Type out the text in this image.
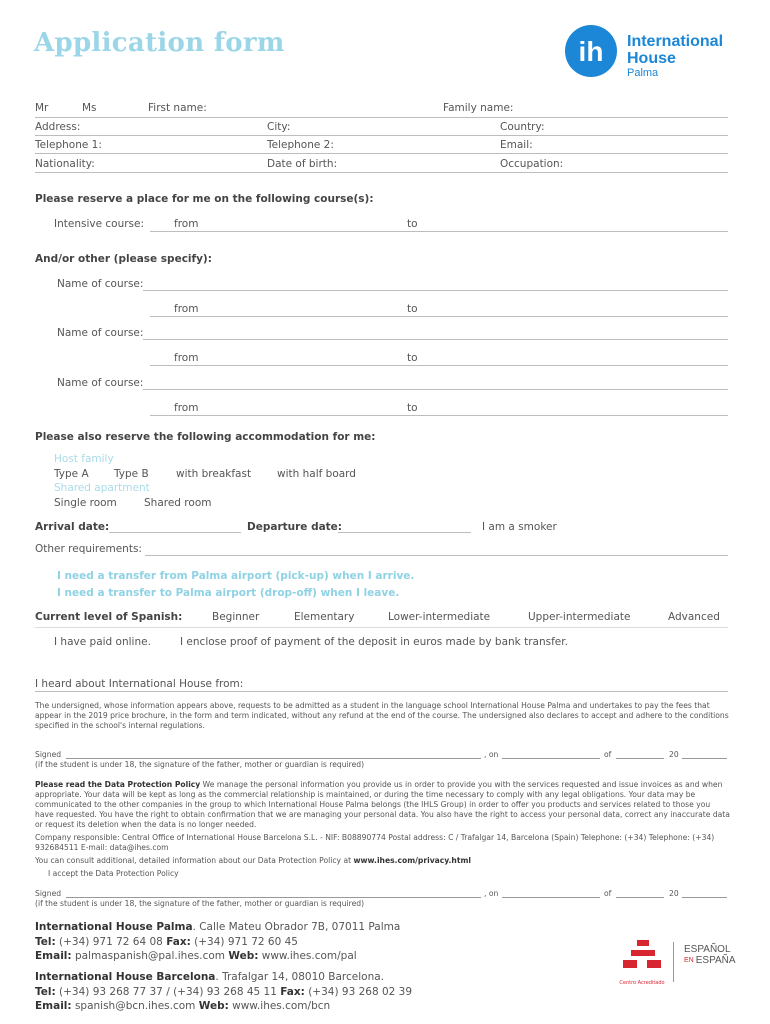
Application form	ih International
House
Palma
Mr	Ms	First name:	Family name:
Address:	City:	Country:
Telephone 1:	Telephone 2:	Email:
Nationality:	Date of birth:	Occupation:
Please reserve a place for me on the following course(s):
Intensive course:	from	to
And/or other (please specify):
Name of course:
from	to
Name of course:
from	to
Name of course:
from	to
Please also reserve the following accommodation for me:
Host family
Type A Type B	with breakfast with half board
Shared apartment
Single room	Shared room
Arrival date:	Departure date:	I am a smoker
Other requirements:
I need a transfer from Palma airport (pick-up) when I arrive.
I need a transfer to Palma airport (drop-off) when I leave.
Current level of Spanish:	Beginner	Elementary	Lower-intermediate	Upper-intermediate	Advanced
I have paid online.	I enclose proof of payment of the deposit in euros made by bank transfer.
I heard about International House from:
The undersigned, whose information appears above, requests to be admitted as a student in the language school International House Palma and undertakes to pay the fees that appear in the 2019 price brochure, in the form and term indicated, without any refund at the end of the course. The undersigned also declares to accept and adhere to the conditions specified in the school's internal regulations.
Signed	, on	of	20
(if the student is under 18, the signature of the father, mother or guardian is required)
Please read the Data Protection Policy We manage the personal information you provide us in order to provide you with the services requested and issue invoices as and when appropriate. Your data will be kept as long as the commercial relationship is maintained, or during the time necessary to comply with any legal obligations. Your data may be communicated to the other companies in the group to which International House Palma belongs (the IHLS Group) in order to offer you products and services related to those you have requested. You have the right to obtain confirmation that we are managing your personal data. You also have the right to access your personal data, correct any inaccurate data or request its deletion when the data is no longer needed.
Company responsible: Central Office of International House Barcelona S.L. - NIF: B08890774 Postal address: C / Trafalgar 14, Barcelona (Spain) Telephone: (+34) Telephone: (+34) 932684511 E-mail: data@ihes.com
You can consult additional, detailed information about our Data Protection Policy at www.ihes.com/privacy.html
I accept the Data Protection Policy
Signed	, on	of	20
(if the student is under 18, the signature of the father, mother or guardian is required)
International House Palma. Calle Mateu Obrador 7B, 07011 Palma
Tel: (+34) 971 72 64 08 Fax: (+34) 971 72 60 45
Email: palmaspanish@pal.ihes.com Web: www.ihes.com/pal
International House Barcelona. Trafalgar 14, 08010 Barcelona.
Tel: (+34) 93 268 77 37 / (+34) 93 268 45 11 Fax: (+34) 93 268 02 39
Email: spanish@bcn.ihes.com Web: www.ihes.com/bcn
Centro Acreditado
ESPAÑOL
EN ESPAÑA
